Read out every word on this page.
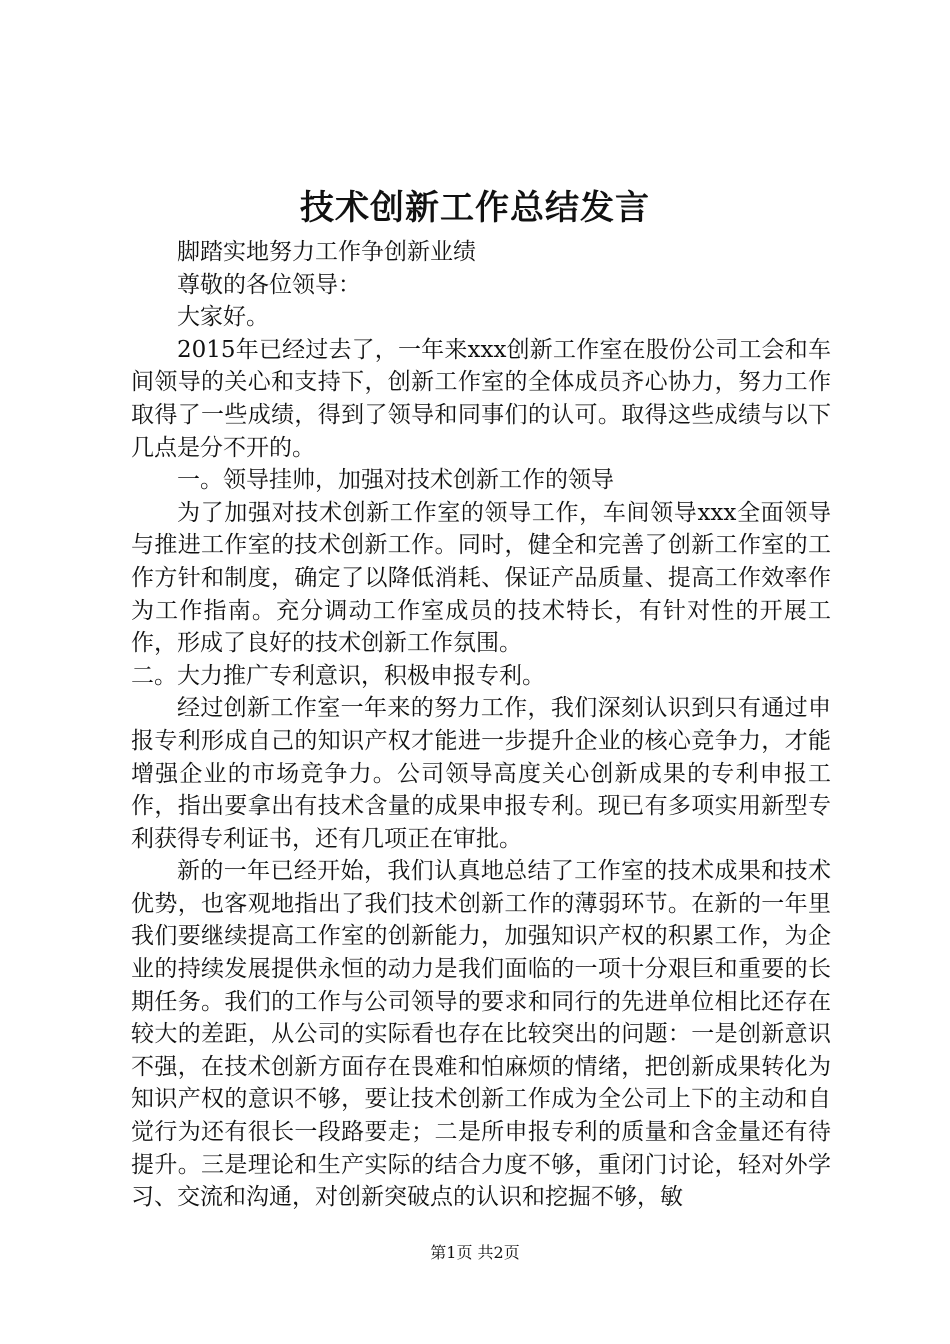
技术创新工作总结发言

脚踏实地努力工作争创新业绩

尊敬的各位领导：

大家好。

2015年已经过去了，一年来xxx创新工作室在股份公司工会和车间领导的关心和支持下，创新工作室的全体成员齐心协力，努力工作取得了一些成绩，得到了领导和同事们的认可。取得这些成绩与以下几点是分不开的。

一。领导挂帅，加强对技术创新工作的领导

为了加强对技术创新工作室的领导工作，车间领导xxx全面领导与推进工作室的技术创新工作。同时，健全和完善了创新工作室的工作方针和制度，确定了以降低消耗、保证产品质量、提高工作效率作为工作指南。充分调动工作室成员的技术特长，有针对性的开展工作，形成了良好的技术创新工作氛围。

二。大力推广专利意识，积极申报专利。

经过创新工作室一年来的努力工作，我们深刻认识到只有通过申报专利形成自己的知识产权才能进一步提升企业的核心竞争力，才能增强企业的市场竞争力。公司领导高度关心创新成果的专利申报工作，指出要拿出有技术含量的成果申报专利。现已有多项实用新型专利获得专利证书，还有几项正在审批。

新的一年已经开始，我们认真地总结了工作室的技术成果和技术优势，也客观地指出了我们技术创新工作的薄弱环节。在新的一年里我们要继续提高工作室的创新能力，加强知识产权的积累工作，为企业的持续发展提供永恒的动力是我们面临的一项十分艰巨和重要的长期任务。我们的工作与公司领导的要求和同行的先进单位相比还存在较大的差距，从公司的实际看也存在比较突出的问题：一是创新意识不强，在技术创新方面存在畏难和怕麻烦的情绪，把创新成果转化为知识产权的意识不够，要让技术创新工作成为全公司上下的主动和自觉行为还有很长一段路要走；二是所申报专利的质量和含金量还有待提升。三是理论和生产实际的结合力度不够，重闭门讨论，轻对外学习、交流和沟通，对创新突破点的认识和挖掘不够，敏

第1页 共2页
